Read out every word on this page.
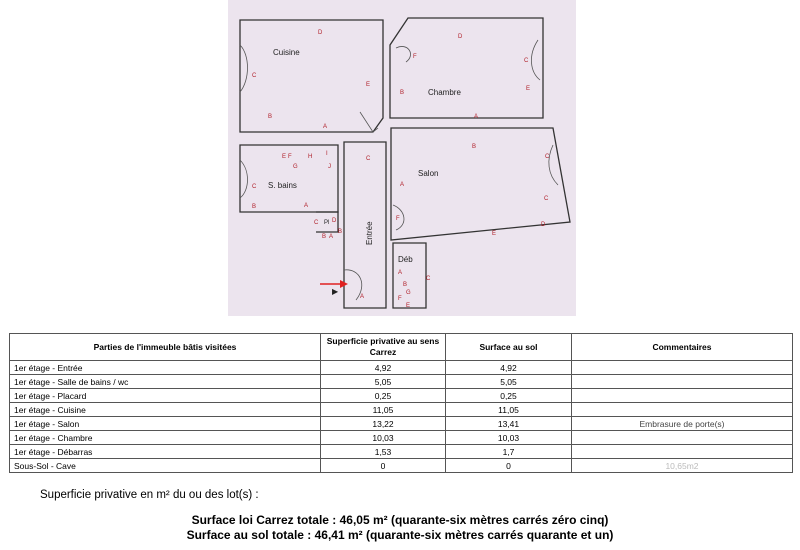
Cuisine
Chambre
S. bains
Salon
Entrée
Déb
Pl
D
C
B
A
E
D
F
C
B
E
A
E F	H I
G	J
C
B	A
C
B A
D
C
B
A
B
C
A
C
D
E
F
A
C
B
G
F
E
▶
Parties de l'immeuble bâtis visitées	Superficie privative au sens Carrez	Surface au sol	Commentaires
1er étage - Entrée	4,92	4,92	
1er étage - Salle de bains / wc	5,05	5,05	
1er étage - Placard	0,25	0,25	
1er étage - Cuisine	11,05	11,05	
1er étage - Salon	13,22	13,41	Embrasure de porte(s)
1er étage - Chambre	10,03	10,03	
1er étage - Débarras	1,53	1,7	
Sous-Sol - Cave	0	0	10,65m2
Superficie privative en m² du ou des lot(s) :
Surface loi Carrez totale : 46,05 m² (quarante-six mètres carrés zéro cinq)
Surface au sol totale : 46,41 m² (quarante-six mètres carrés quarante et un)
